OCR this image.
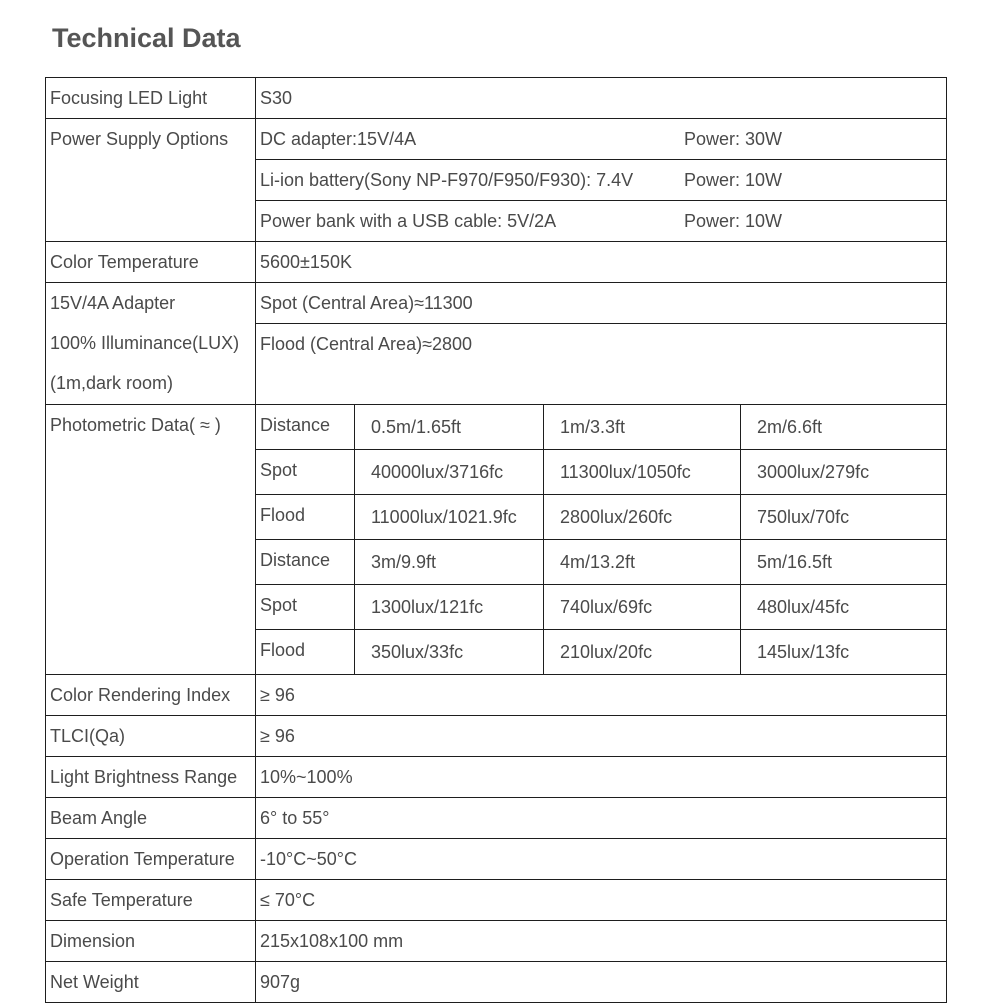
Technical Data
Focusing LED Light	S30
Power Supply Options	DC adapter:15V/4A	Power: 30W

Li-ion battery(Sony NP-F970/F950/F930): 7.4V	Power: 10W

Power bank with a USB cable: 5V/2A	Power: 10W

Color Temperature	5600±150K

15V/4A Adapter
100% Illuminance(LUX)
(1m,dark room)
	Spot (Central Area)≈11300
Flood (Central Area)≈2800
Photometric Data( ≈ )	Distance	0.5m/1.65ft	1m/3.3ft	2m/6.6ft
Spot	40000lux/3716fc	11300lux/1050fc	3000lux/279fc
Flood	11000lux/1021.9fc	2800lux/260fc	750lux/70fc
Distance	3m/9.9ft	4m/13.2ft	5m/16.5ft
Spot	1300lux/121fc	740lux/69fc	480lux/45fc
Flood	350lux/33fc	210lux/20fc	145lux/13fc

Color Rendering Index	≥ 96
TLCI(Qa)	≥ 96
Light Brightness Range	10%~100%
Beam Angle	6° to 55°
Operation Temperature	-10°C~50°C
Safe Temperature	≤ 70°C
Dimension	215x108x100 mm
Net Weight	907g
